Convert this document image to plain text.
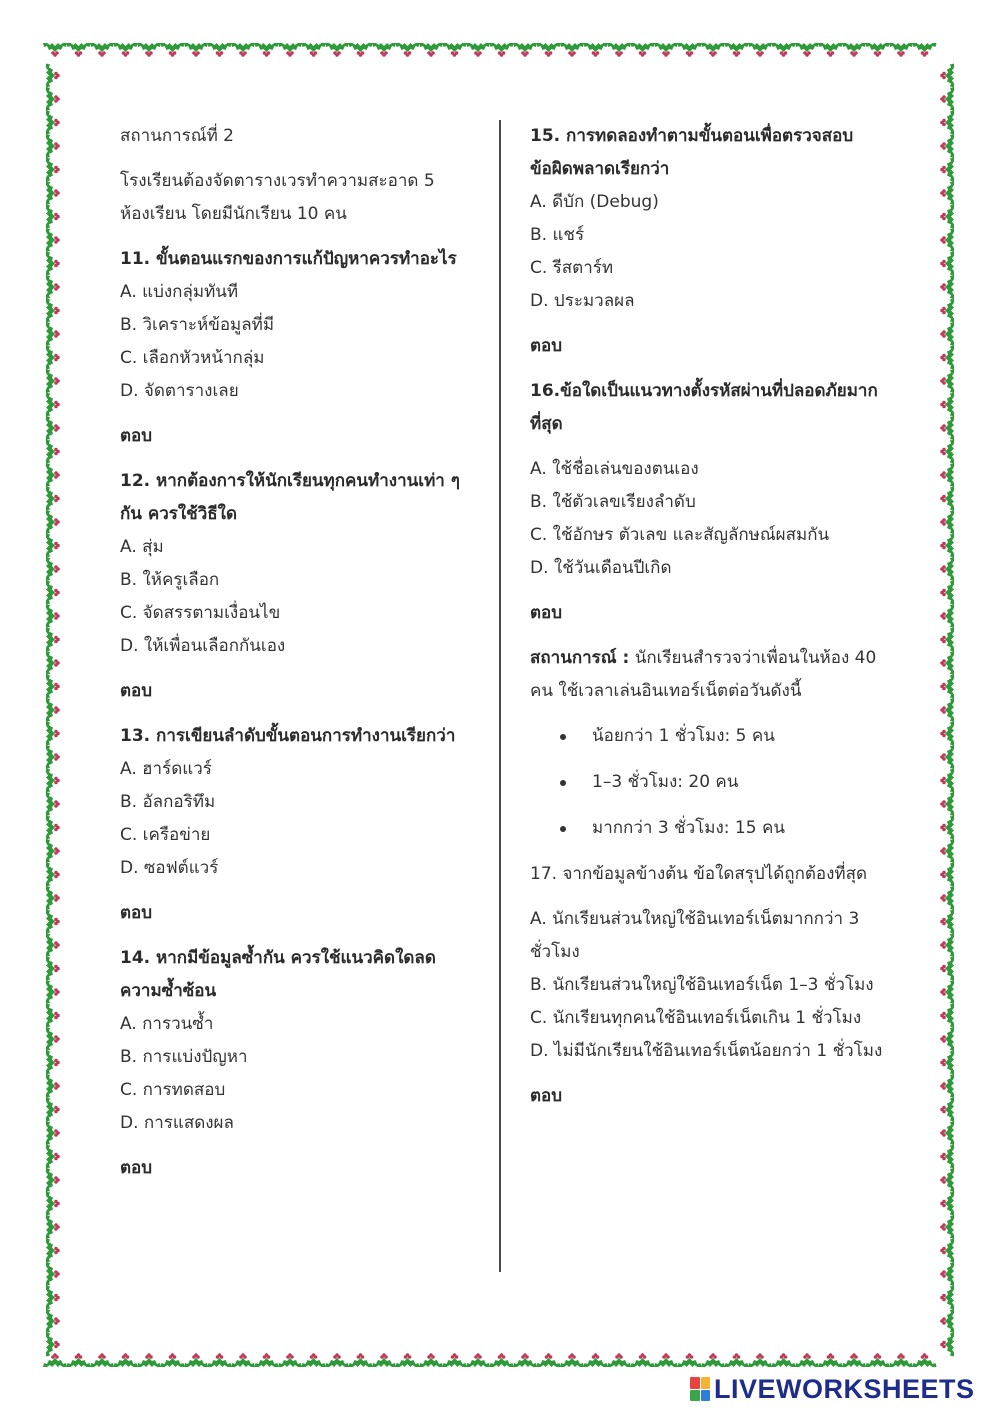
สถานการณ์ที่ 2
โรงเรียนต้องจัดตารางเวรทำความสะอาด 5
ห้องเรียน โดยมีนักเรียน 10 คน
11. ขั้นตอนแรกของการแก้ปัญหาควรทำอะไร
A. แบ่งกลุ่มทันที
B. วิเคราะห์ข้อมูลที่มี
C. เลือกหัวหน้ากลุ่ม
D. จัดตารางเลย
ตอบ
12. หากต้องการให้นักเรียนทุกคนทำงานเท่า ๆ
กัน ควรใช้วิธีใด
A. สุ่ม
B. ให้ครูเลือก
C. จัดสรรตามเงื่อนไข
D. ให้เพื่อนเลือกกันเอง
ตอบ
13. การเขียนลำดับขั้นตอนการทำงานเรียกว่า
A. ฮาร์ดแวร์
B. อัลกอริทึม
C. เครือข่าย
D. ซอฟต์แวร์
ตอบ
14. หากมีข้อมูลซ้ำกัน ควรใช้แนวคิดใดลด
ความซ้ำซ้อน
A. การวนซ้ำ
B. การแบ่งปัญหา
C. การทดสอบ
D. การแสดงผล
ตอบ
15. การทดลองทำตามขั้นตอนเพื่อตรวจสอบ
ข้อผิดพลาดเรียกว่า
A. ดีบัก (Debug)
B. แชร์
C. รีสตาร์ท
D. ประมวลผล
ตอบ
16.ข้อใดเป็นแนวทางตั้งรหัสผ่านที่ปลอดภัยมาก
ที่สุด
A. ใช้ชื่อเล่นของตนเอง
B. ใช้ตัวเลขเรียงลำดับ
C. ใช้อักษร ตัวเลข และสัญลักษณ์ผสมกัน
D. ใช้วันเดือนปีเกิด
ตอบ
สถานการณ์ : นักเรียนสำรวจว่าเพื่อนในห้อง 40
คน ใช้เวลาเล่นอินเทอร์เน็ตต่อวันดังนี้
น้อยกว่า 1 ชั่วโมง: 5 คน
1–3 ชั่วโมง: 20 คน
มากกว่า 3 ชั่วโมง: 15 คน
17. จากข้อมูลข้างต้น ข้อใดสรุปได้ถูกต้องที่สุด
A. นักเรียนส่วนใหญ่ใช้อินเทอร์เน็ตมากกว่า 3
ชั่วโมง
B. นักเรียนส่วนใหญ่ใช้อินเทอร์เน็ต 1–3 ชั่วโมง
C. นักเรียนทุกคนใช้อินเทอร์เน็ตเกิน 1 ชั่วโมง
D. ไม่มีนักเรียนใช้อินเทอร์เน็ตน้อยกว่า 1 ชั่วโมง
ตอบ
LIVEWORKSHEETS
